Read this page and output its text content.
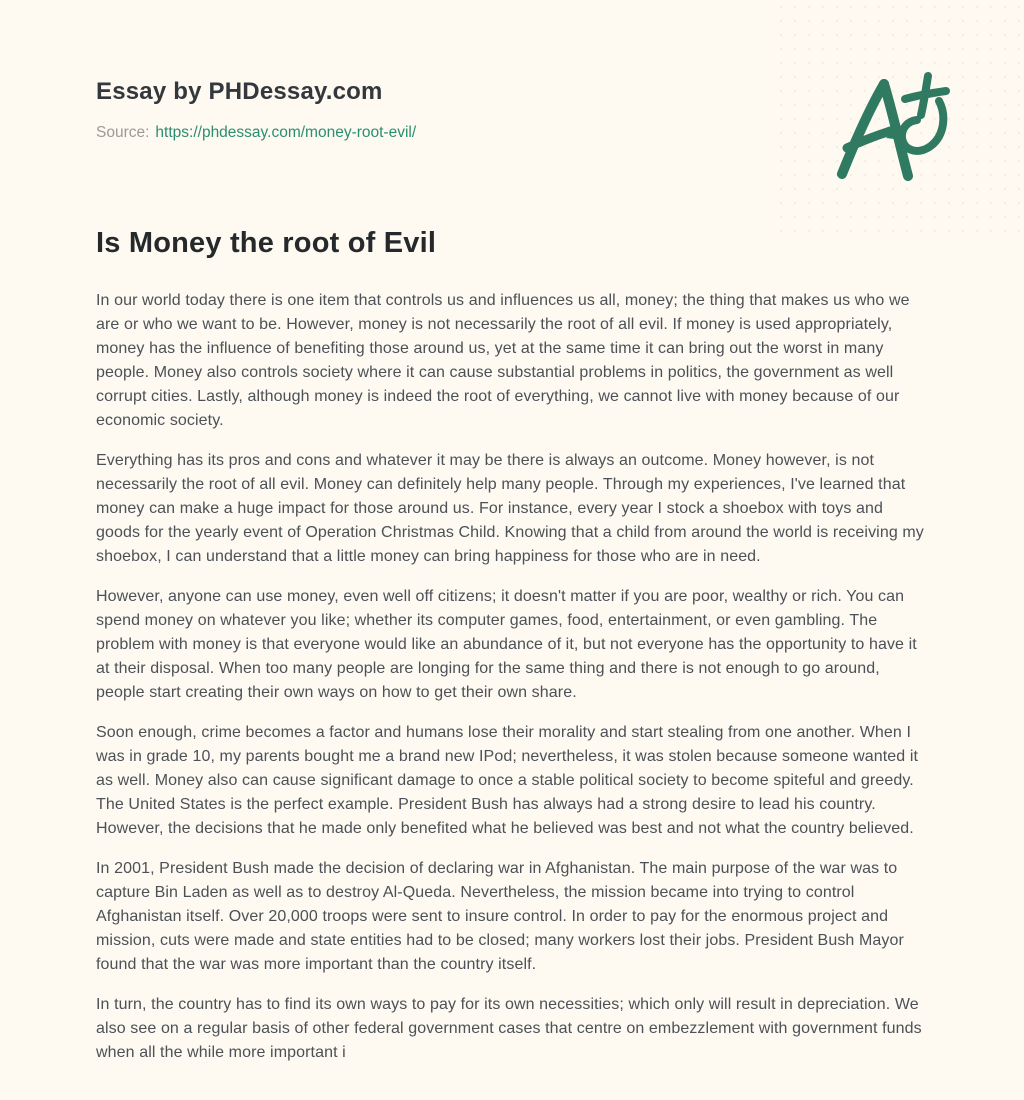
Essay by PHDessay.com
Source: https://phdessay.com/money-root-evil/
Is Money the root of Evil

In our world today there is one item that controls us and influences us all, money; the thing that makes us who we are or who we want to be. However, money is not necessarily the root of all evil. If money is used appropriately, money has the influence of benefiting those around us, yet at the same time it can bring out the worst in many people. Money also controls society where it can cause substantial problems in politics, the government as well corrupt cities. Lastly, although money is indeed the root of everything, we cannot live with money because of our economic society.

Everything has its pros and cons and whatever it may be there is always an outcome. Money however, is not necessarily the root of all evil. Money can definitely help many people. Through my experiences, I've learned that money can make a huge impact for those around us. For instance, every year I stock a shoebox with toys and goods for the yearly event of Operation Christmas Child. Knowing that a child from around the world is receiving my shoebox, I can understand that a little money can bring happiness for those who are in need.

However, anyone can use money, even well off citizens; it doesn't matter if you are poor, wealthy or rich. You can spend money on whatever you like; whether its computer games, food, entertainment, or even gambling. The problem with money is that everyone would like an abundance of it, but not everyone has the opportunity to have it at their disposal. When too many people are longing for the same thing and there is not enough to go around, people start creating their own ways on how to get their own share.

Soon enough, crime becomes a factor and humans lose their morality and start stealing from one another. When I was in grade 10, my parents bought me a brand new IPod; nevertheless, it was stolen because someone wanted it as well. Money also can cause significant damage to once a stable political society to become spiteful and greedy. The United States is the perfect example. President Bush has always had a strong desire to lead his country. However, the decisions that he made only benefited what he believed was best and not what the country believed.

In 2001, President Bush made the decision of declaring war in Afghanistan. The main purpose of the war was to capture Bin Laden as well as to destroy Al-Queda. Nevertheless, the mission became into trying to control Afghanistan itself. Over 20,000 troops were sent to insure control. In order to pay for the enormous project and mission, cuts were made and state entities had to be closed; many workers lost their jobs. President Bush Mayor found that the war was more important than the country itself.

In turn, the country has to find its own ways to pay for its own necessities; which only will result in depreciation. We also see on a regular basis of other federal government cases that centre on embezzlement with government funds when all the while more important i
